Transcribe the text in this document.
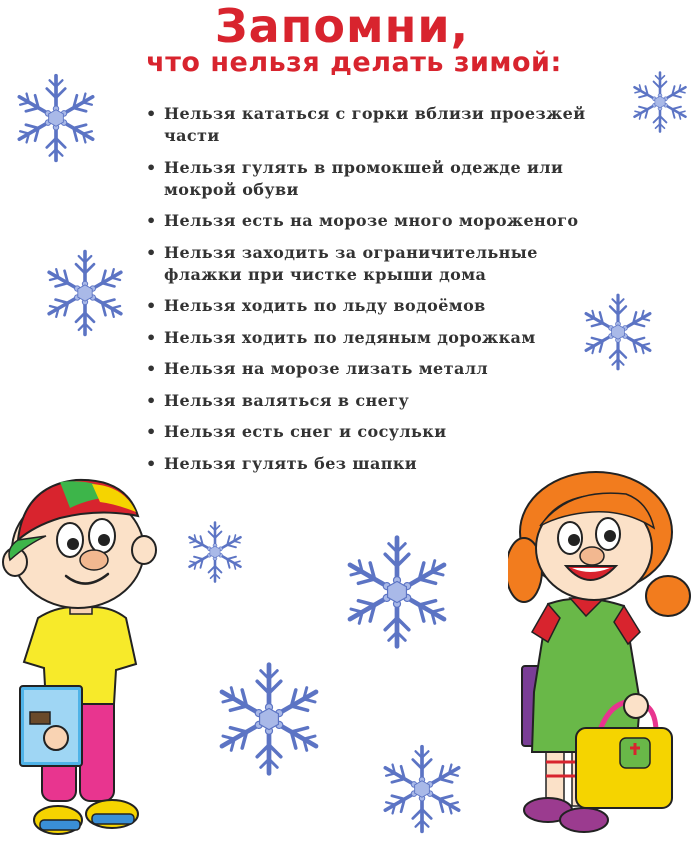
Запомни,
что нельзя делать зимой:
• Нельзя кататься с горки вблизи проезжей части
• Нельзя гулять в промокшей одежде или мокрой обуви
• Нельзя есть на морозе много мороженого
• Нельзя заходить за ограничительные флажки при чистке крыши дома
• Нельзя ходить по льду водоёмов
• Нельзя ходить по ледяным дорожкам
• Нельзя на морозе лизать металл
• Нельзя валяться в снегу
• Нельзя есть снег и сосульки
• Нельзя гулять без шапки
